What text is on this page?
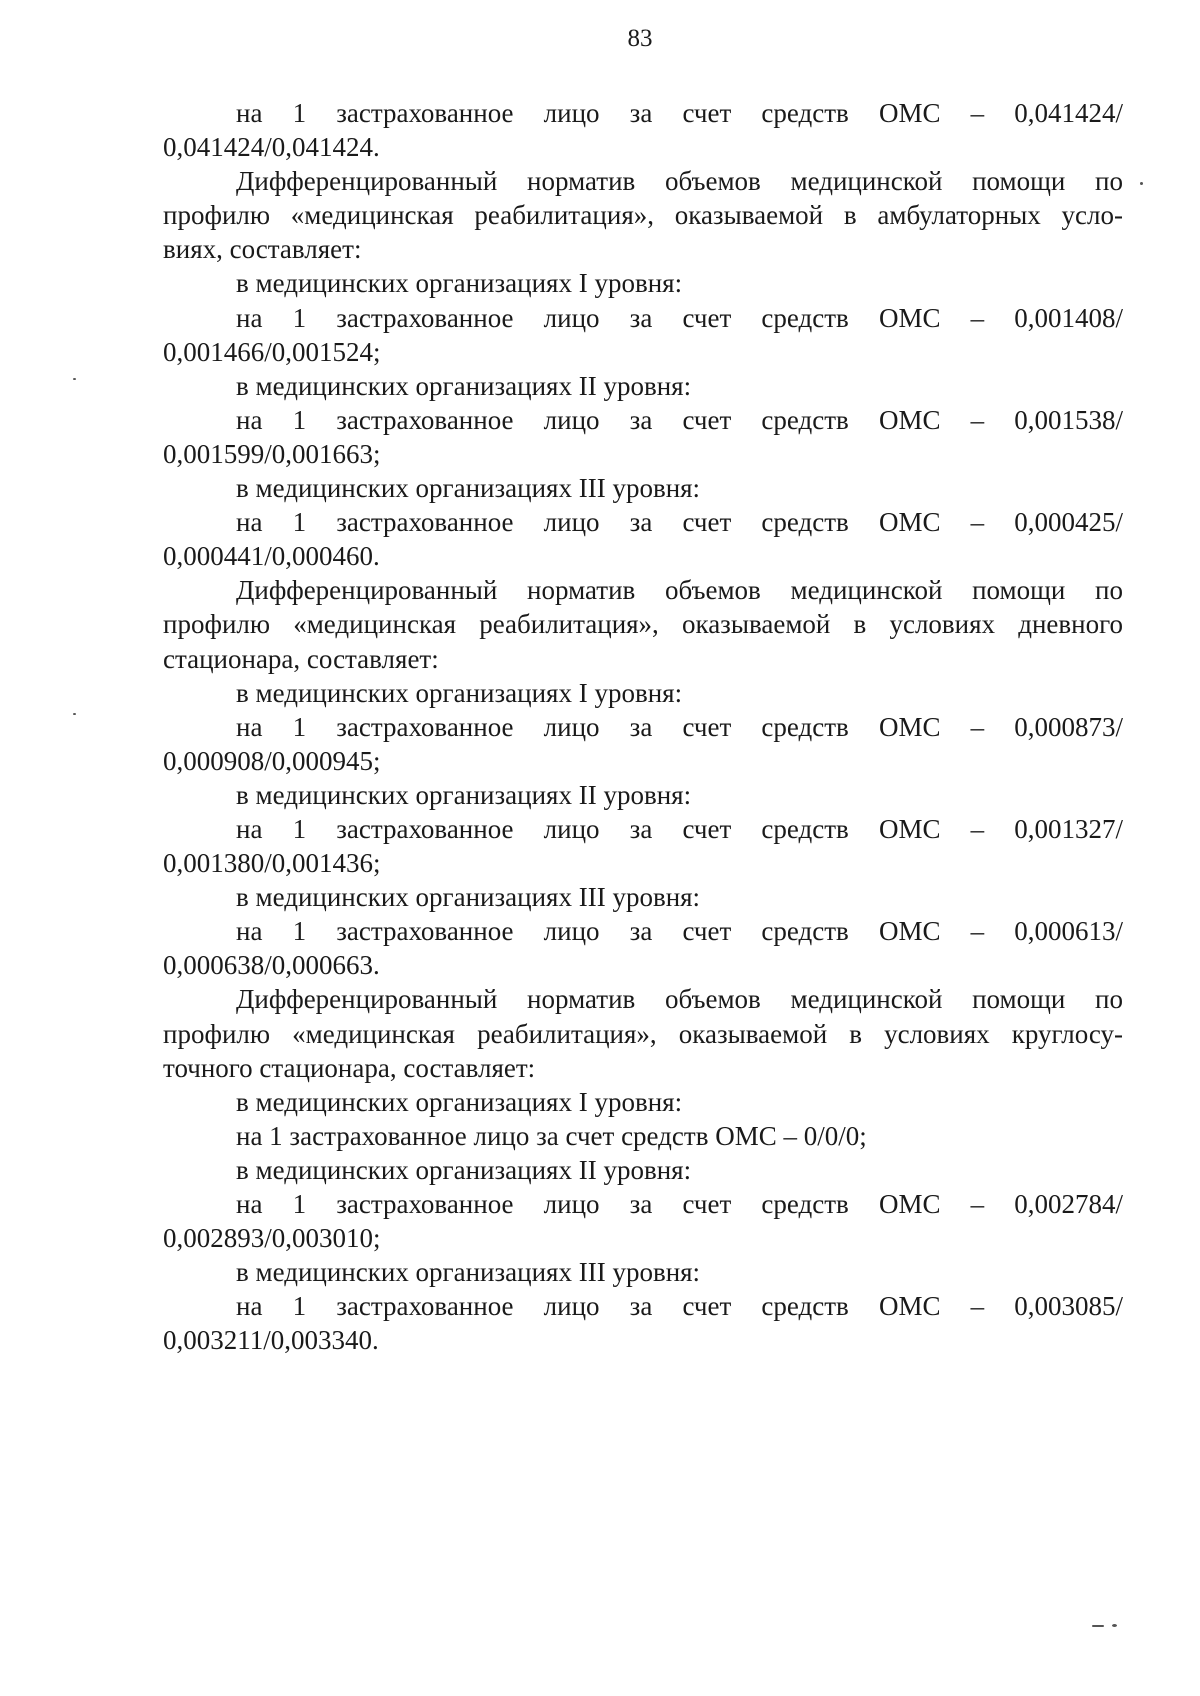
83
на 1 застрахованное лицо за счет средств ОМС – 0,041424/
0,041424/0,041424.
Дифференцированный норматив объемов медицинской помощи по
профилю «медицинская реабилитация», оказываемой в амбулаторных усло-
виях, составляет:
в медицинских организациях I уровня:
на 1 застрахованное лицо за счет средств ОМС – 0,001408/
0,001466/0,001524;
в медицинских организациях II уровня:
на 1 застрахованное лицо за счет средств ОМС – 0,001538/
0,001599/0,001663;
в медицинских организациях III уровня:
на 1 застрахованное лицо за счет средств ОМС – 0,000425/
0,000441/0,000460.
Дифференцированный норматив объемов медицинской помощи по
профилю «медицинская реабилитация», оказываемой в условиях дневного
стационара, составляет:
в медицинских организациях I уровня:
на 1 застрахованное лицо за счет средств ОМС – 0,000873/
0,000908/0,000945;
в медицинских организациях II уровня:
на 1 застрахованное лицо за счет средств ОМС – 0,001327/
0,001380/0,001436;
в медицинских организациях III уровня:
на 1 застрахованное лицо за счет средств ОМС – 0,000613/
0,000638/0,000663.
Дифференцированный норматив объемов медицинской помощи по
профилю «медицинская реабилитация», оказываемой в условиях круглосу-
точного стационара, составляет:
в медицинских организациях I уровня:
на 1 застрахованное лицо за счет средств ОМС – 0/0/0;
в медицинских организациях II уровня:
на 1 застрахованное лицо за счет средств ОМС – 0,002784/
0,002893/0,003010;
в медицинских организациях III уровня:
на 1 застрахованное лицо за счет средств ОМС – 0,003085/
0,003211/0,003340.
